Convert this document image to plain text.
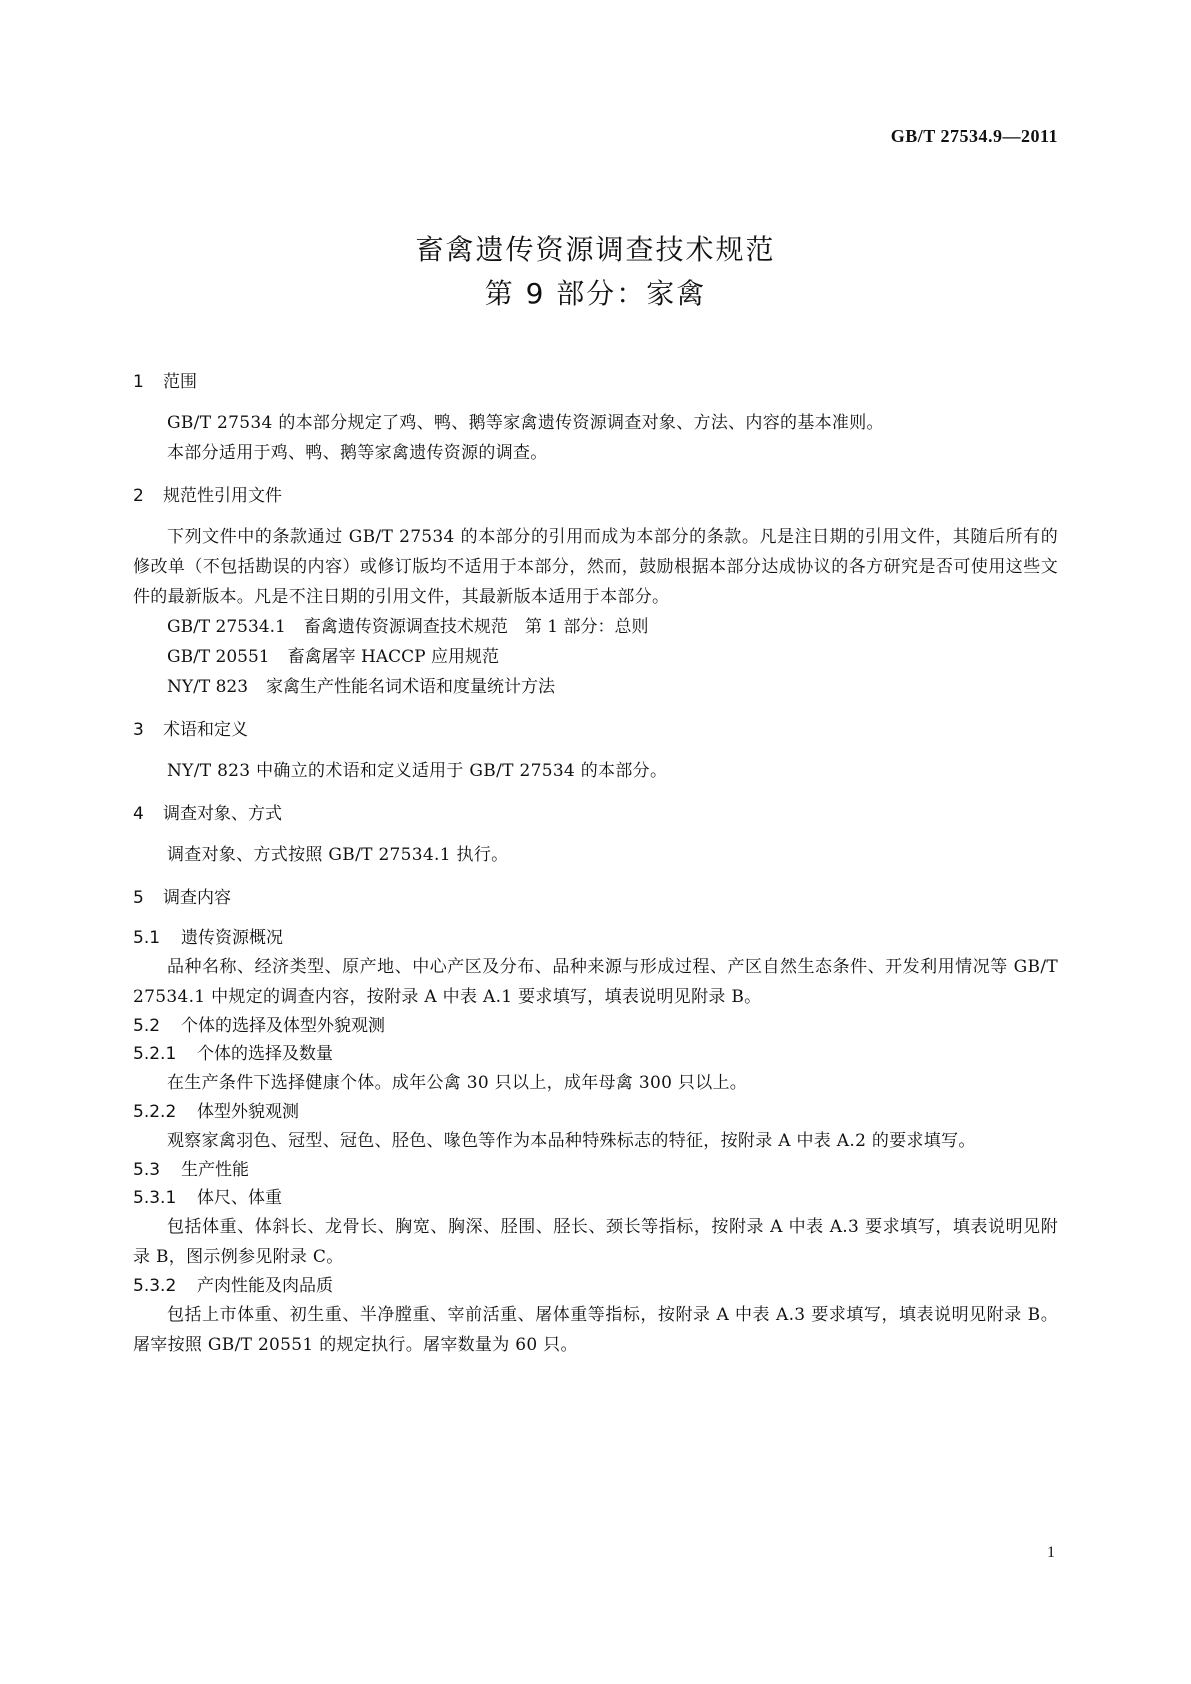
GB/T 27534.9—2011
畜禽遗传资源调查技术规范
第 9 部分：家禽
1 范围

GB/T 27534 的本部分规定了鸡、鸭、鹅等家禽遗传资源调查对象、方法、内容的基本准则。

本部分适用于鸡、鸭、鹅等家禽遗传资源的调查。

2 规范性引用文件

下列文件中的条款通过 GB/T 27534 的本部分的引用而成为本部分的条款。凡是注日期的引用文件，其随后所有的修改单（不包括勘误的内容）或修订版均不适用于本部分，然而，鼓励根据本部分达成协议的各方研究是否可使用这些文件的最新版本。凡是不注日期的引用文件，其最新版本适用于本部分。

GB/T 27534.1 畜禽遗传资源调查技术规范　第 1 部分：总则
GB/T 20551 畜禽屠宰 HACCP 应用规范
NY/T 823 家禽生产性能名词术语和度量统计方法
3 术语和定义

NY/T 823 中确立的术语和定义适用于 GB/T 27534 的本部分。

4 调查对象、方式

调查对象、方式按照 GB/T 27534.1 执行。

5 调查内容
5.1 遗传资源概况

品种名称、经济类型、原产地、中心产区及分布、品种来源与形成过程、产区自然生态条件、开发利用情况等 GB/T 27534.1 中规定的调查内容，按附录 A 中表 A.1 要求填写，填表说明见附录 B。

5.2 个体的选择及体型外貌观测
5.2.1 个体的选择及数量

在生产条件下选择健康个体。成年公禽 30 只以上，成年母禽 300 只以上。

5.2.2 体型外貌观测

观察家禽羽色、冠型、冠色、胫色、喙色等作为本品种特殊标志的特征，按附录 A 中表 A.2 的要求填写。

5.3 生产性能
5.3.1 体尺、体重

包括体重、体斜长、龙骨长、胸宽、胸深、胫围、胫长、颈长等指标，按附录 A 中表 A.3 要求填写，填表说明见附录 B，图示例参见附录 C。

5.3.2 产肉性能及肉品质

包括上市体重、初生重、半净膛重、宰前活重、屠体重等指标，按附录 A 中表 A.3 要求填写，填表说明见附录 B。屠宰按照 GB/T 20551 的规定执行。屠宰数量为 60 只。

1
